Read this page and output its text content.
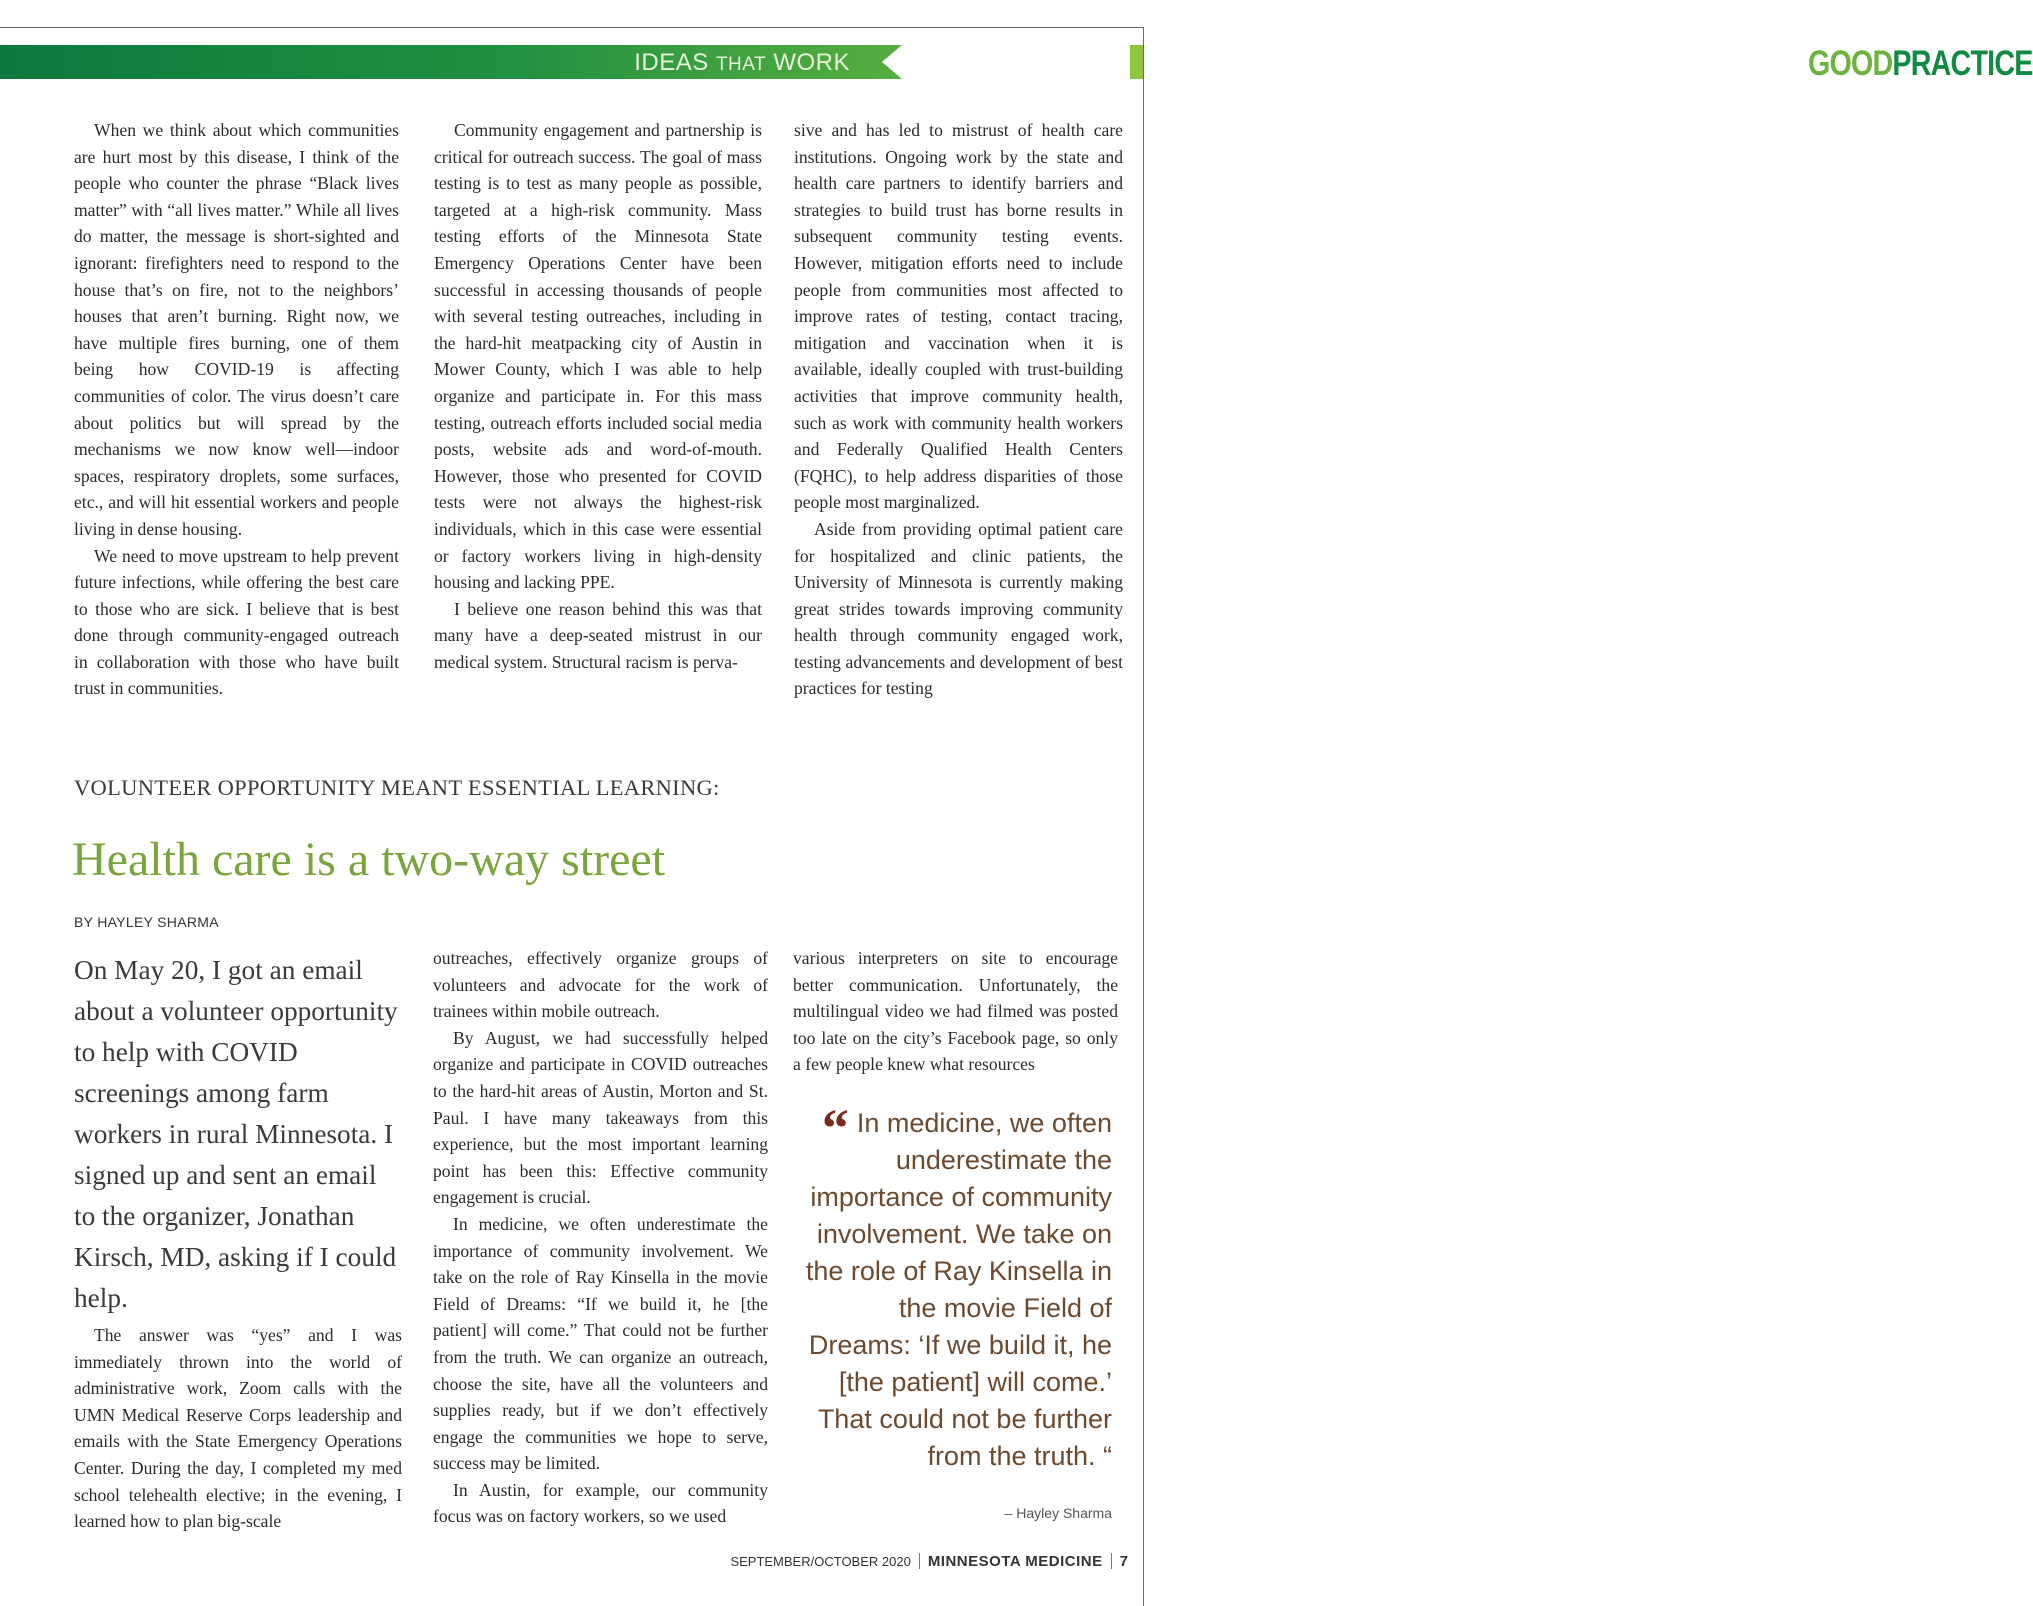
IDEAS THAT WORK	GOODPRACTICE

When we think about which communities are hurt most by this disease, I think of the people who counter the phrase “Black lives matter” with “all lives matter.” While all lives do matter, the message is short-sighted and ignorant: firefighters need to respond to the house that’s on fire, not to the neighbors’ houses that aren’t burning. Right now, we have multiple fires burning, one of them being how COVID-19 is affecting communities of color. The virus doesn’t care about politics but will spread by the mechanisms we now know well—indoor spaces, respiratory droplets, some surfaces, etc., and will hit essential workers and people living in dense housing.

We need to move upstream to help prevent future infections, while offering the best care to those who are sick. I believe that is best done through community-engaged outreach in collaboration with those who have built trust in communities.

Community engagement and partnership is critical for outreach success. The goal of mass testing is to test as many people as possible, targeted at a high-risk community. Mass testing efforts of the Minnesota State Emergency Operations Center have been successful in accessing thousands of people with several testing outreaches, including in the hard-hit meatpacking city of Austin in Mower County, which I was able to help organize and participate in. For this mass testing, outreach efforts included social media posts, website ads and word-of-mouth. However, those who presented for COVID tests were not always the highest-risk individuals, which in this case were essential or factory workers living in high-density housing and lacking PPE.

I believe one reason behind this was that many have a deep-seated mistrust in our medical system. Structural racism is perva-

sive and has led to mistrust of health care institutions. Ongoing work by the state and health care partners to identify barriers and strategies to build trust has borne results in subsequent community testing events. However, mitigation efforts need to include people from communities most affected to improve rates of testing, contact tracing, mitigation and vaccination when it is available, ideally coupled with trust-building activities that improve community health, such as work with community health workers and Federally Qualified Health Centers (FQHC), to help address disparities of those people most marginalized.

Aside from providing optimal patient care for hospitalized and clinic patients, the University of Minnesota is currently making great strides towards improving community health through community engaged work, testing advancements and development of best practices for testing

VOLUNTEER OPPORTUNITY MEANT ESSENTIAL LEARNING:
Health care is a two-way street
BY HAYLEY SHARMA

On May 20, I got an email about a volunteer opportunity to help with COVID screenings among farm workers in rural Minnesota. I signed up and sent an email to the organizer, Jonathan Kirsch, MD, asking if I could help.

The answer was “yes” and I was immediately thrown into the world of administrative work, Zoom calls with the UMN Medical Reserve Corps leadership and emails with the State Emergency Operations Center. During the day, I completed my med school telehealth elective; in the evening, I learned how to plan big-scale

outreaches, effectively organize groups of volunteers and advocate for the work of trainees within mobile outreach.

By August, we had successfully helped organize and participate in COVID outreaches to the hard-hit areas of Austin, Morton and St. Paul. I have many takeaways from this experience, but the most important learning point has been this: Effective community engagement is crucial.

In medicine, we often underestimate the importance of community involvement. We take on the role of Ray Kinsella in the movie Field of Dreams: “If we build it, he [the patient] will come.” That could not be further from the truth. We can organize an outreach, choose the site, have all the volunteers and supplies ready, but if we don’t effectively engage the communities we hope to serve, success may be limited.

In Austin, for example, our community focus was on factory workers, so we used

various interpreters on site to encourage better communication. Unfortunately, the multilingual video we had filmed was posted too late on the city’s Facebook page, so only a few people knew what resources

“ In medicine, we often underestimate the importance of community involvement. We take on the role of Ray Kinsella in the movie Field of Dreams: ‘If we build it, he [the patient] will come.’ That could not be further from the truth. “
– Hayley Sharma
SEPTEMBER/OCTOBER 2020 MINNESOTA MEDICINE 7
